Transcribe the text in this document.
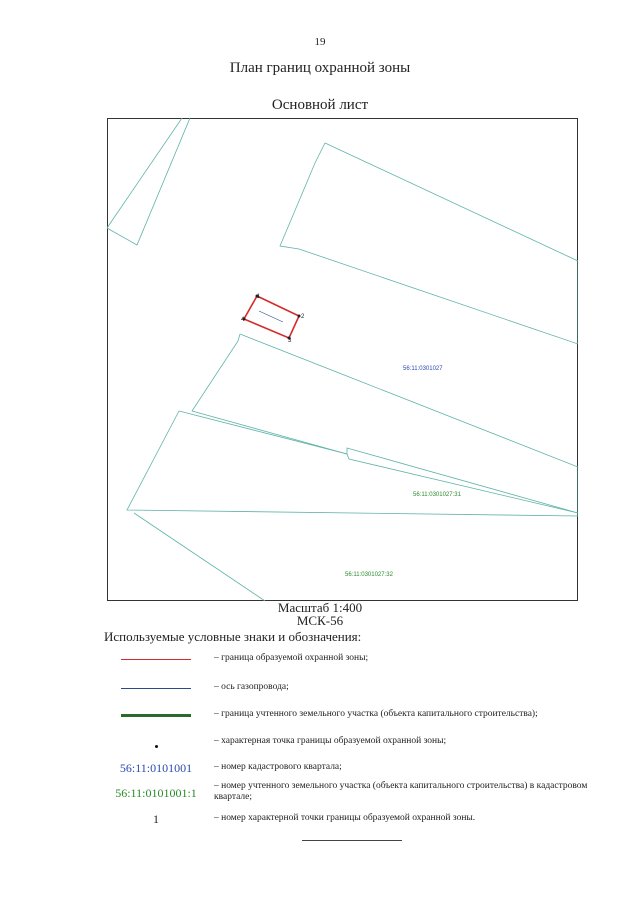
19
План границ охранной зоны
Основной лист
1
2
3
4
56:11:0301027
56:11:0301027:31
56:11:0301027:32
Масштаб 1:400
МСК-56
Используемые условные знаки и обозначения:
– граница образуемой охранной зоны;
– ось газопровода;
– граница учтенного земельного участка (объекта капитального строительства);
– характерная точка границы образуемой охранной зоны;
56:11:0101001 – номер кадастрового квартала;
56:11:0101001:1 – номер учтенного земельного участка (объекта капитального строительства) в кадастровом квартале;
1	– номер характерной точки границы образуемой охранной зоны.
